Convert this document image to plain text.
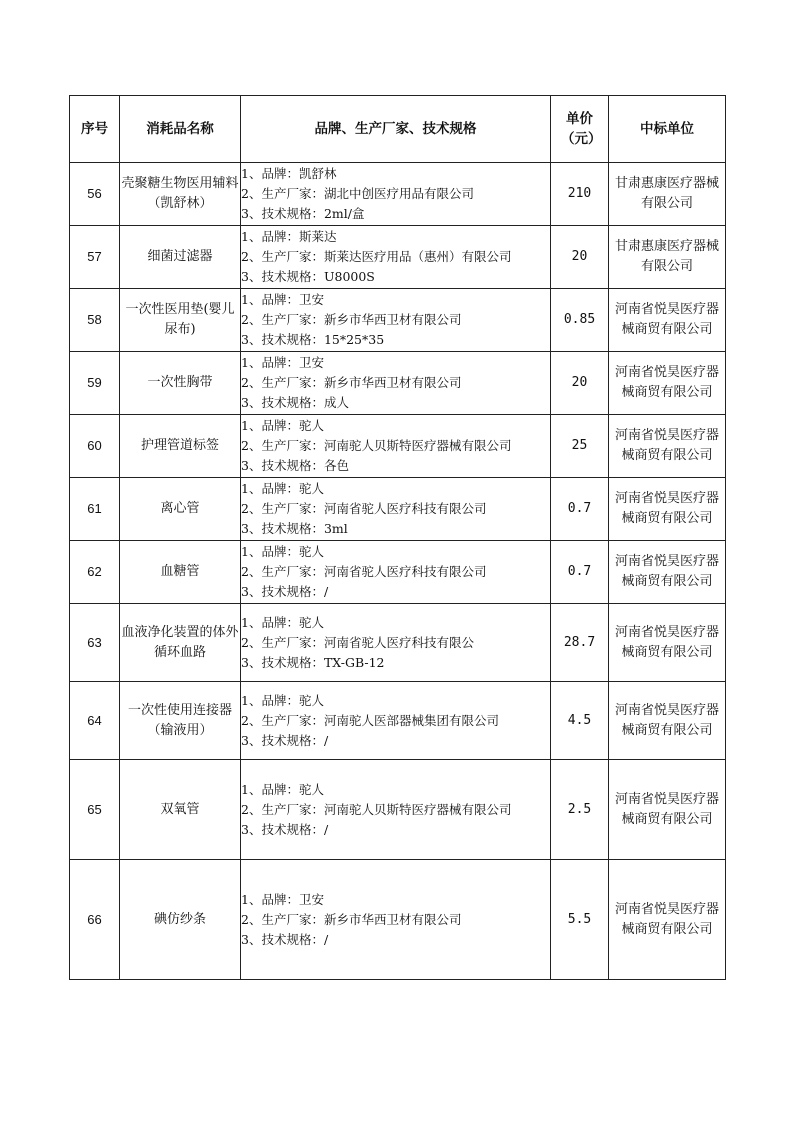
序号	消耗品名称	品牌、生产厂家、技术规格	单价（元）	中标单位
56	壳聚糖生物医用辅料（凯舒林）	1、品牌：凯舒林
2、生产厂家：湖北中创医疗用品有限公司
3、技术规格：2ml/盒	210	甘肃惠康医疗器械有限公司
57	细菌过滤器	1、品牌：斯莱达
2、生产厂家：斯莱达医疗用品（惠州）有限公司
3、技术规格：U8000S	20	甘肃惠康医疗器械有限公司
58	一次性医用垫(婴儿尿布)	1、品牌：卫安
2、生产厂家：新乡市华西卫材有限公司
3、技术规格：15*25*35	0.85	河南省悦昊医疗器械商贸有限公司
59	一次性胸带	1、品牌：卫安
2、生产厂家：新乡市华西卫材有限公司
3、技术规格：成人	20	河南省悦昊医疗器械商贸有限公司
60	护理管道标签	1、品牌：驼人
2、生产厂家：河南驼人贝斯特医疗器械有限公司
3、技术规格：各色	25	河南省悦昊医疗器械商贸有限公司
61	离心管	1、品牌：驼人
2、生产厂家：河南省驼人医疗科技有限公司
3、技术规格：3ml	0.7	河南省悦昊医疗器械商贸有限公司
62	血糖管	1、品牌：驼人
2、生产厂家：河南省驼人医疗科技有限公司
3、技术规格：/	0.7	河南省悦昊医疗器械商贸有限公司
63	血液净化装置的体外循环血路	1、品牌：驼人
2、生产厂家：河南省驼人医疗科技有限公
3、技术规格：TX-GB-12	28.7	河南省悦昊医疗器械商贸有限公司
64	一次性使用连接器（输液用）	1、品牌：驼人
2、生产厂家：河南驼人医部器械集团有限公司
3、技术规格：/	4.5	河南省悦昊医疗器械商贸有限公司
65	双氧管	1、品牌：驼人
2、生产厂家：河南驼人贝斯特医疗器械有限公司
3、技术规格：/	2.5	河南省悦昊医疗器械商贸有限公司
66	碘仿纱条	1、品牌：卫安
2、生产厂家：新乡市华西卫材有限公司
3、技术规格：/	5.5	河南省悦昊医疗器械商贸有限公司
